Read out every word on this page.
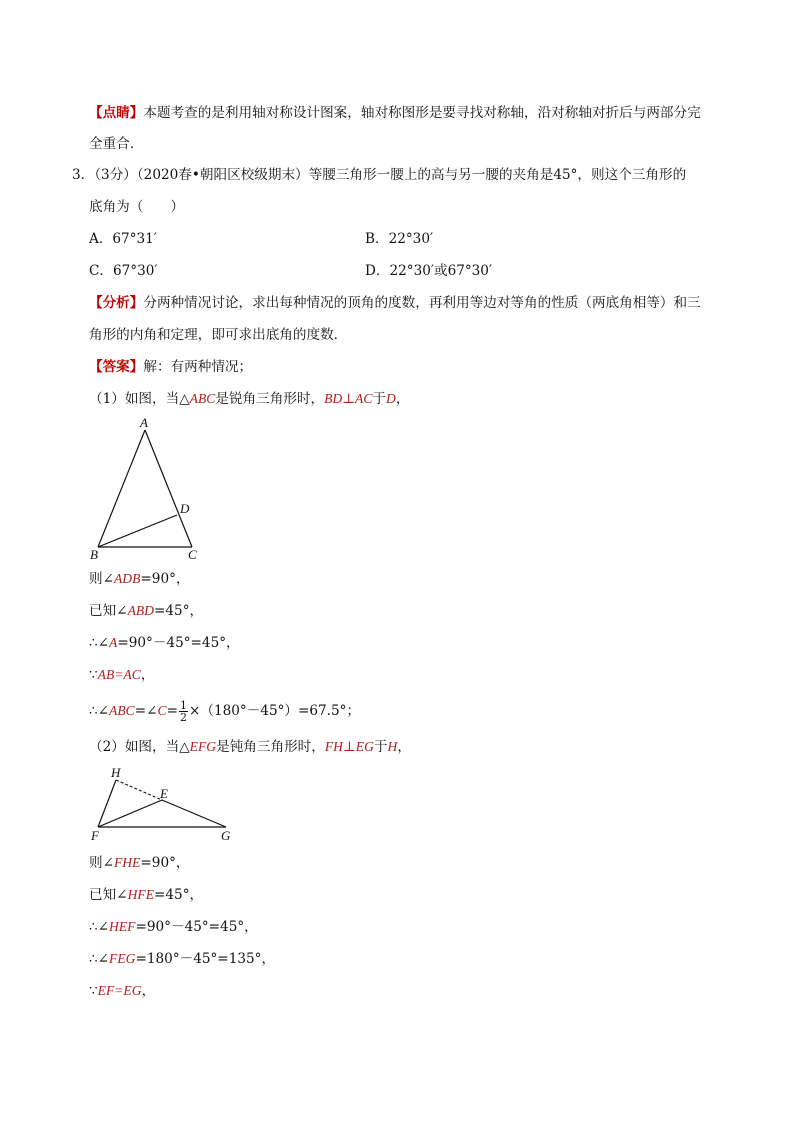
【点睛】本题考查的是利用轴对称设计图案，轴对称图形是要寻找对称轴，沿对称轴对折后与两部分完
全重合.
3．（3分）（2020春•朝阳区校级期末）等腰三角形一腰上的高与另一腰的夹角是45°，则这个三角形的
底角为（　　）
A．67°31′	B．22°30′
C．67°30′	D．22°30′或67°30′
【分析】分两种情况讨论，求出每种情况的顶角的度数，再利用等边对等角的性质（两底角相等）和三
角形的内角和定理，即可求出底角的度数．
【答案】解：有两种情况；
（1）如图，当△ABC是锐角三角形时，BD⊥AC于D，
A
D
B	C
则∠ADB=90°，
已知∠ABD=45°，
∴∠A=90°－45°=45°，
∵AB=AC，
∴∠ABC=∠C= $\frac{1}{2} \times(180^\circ-45^\circ)=67.5^\circ$；
（2）如图，当△EFG是钝角三角形时，FH⊥EG于H，
H
E
F	G
则∠FHE=90°，
已知∠HFE=45°，
∴∠HEF=90°－45°=45°，
∴∠FEG=180°－45°=135°，
∵EF=EG，
